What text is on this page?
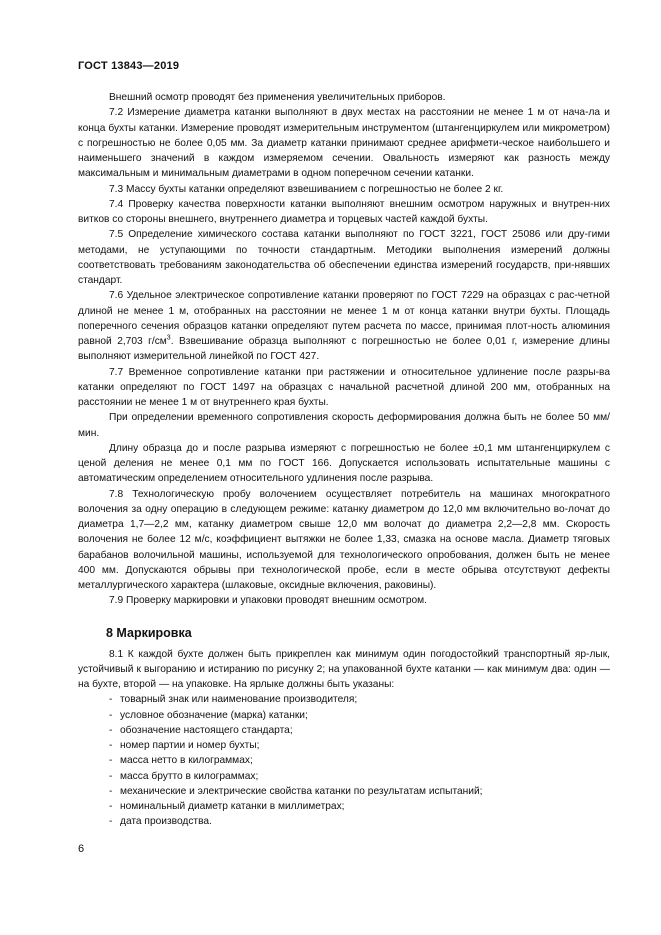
ГОСТ 13843—2019

Внешний осмотр проводят без применения увеличительных приборов.

7.2 Измерение диаметра катанки выполняют в двух местах на расстоянии не менее 1 м от нача-ла и конца бухты катанки. Измерение проводят измерительным инструментом (штангенциркулем или микрометром) с погрешностью не более 0,05 мм. За диаметр катанки принимают среднее арифмети-ческое наибольшего и наименьшего значений в каждом измеряемом сечении. Овальность измеряют как разность между максимальным и минимальным диаметрами в одном поперечном сечении катанки.

7.3 Массу бухты катанки определяют взвешиванием с погрешностью не более 2 кг.

7.4 Проверку качества поверхности катанки выполняют внешним осмотром наружных и внутрен-них витков со стороны внешнего, внутреннего диаметра и торцевых частей каждой бухты.

7.5 Определение химического состава катанки выполняют по ГОСТ 3221, ГОСТ 25086 или дру-гими методами, не уступающими по точности стандартным. Методики выполнения измерений должны соответствовать требованиям законодательства об обеспечении единства измерений государств, при-нявших стандарт.

7.6 Удельное электрическое сопротивление катанки проверяют по ГОСТ 7229 на образцах с рас-четной длиной не менее 1 м, отобранных на расстоянии не менее 1 м от конца катанки внутри бухты. Площадь поперечного сечения образцов катанки определяют путем расчета по массе, принимая плот-ность алюминия равной 2,703 $г/см^3$. Взвешивание образца выполняют с погрешностью не более 0,01 г, измерение длины выполняют измерительной линейкой по ГОСТ 427.

7.7 Временное сопротивление катанки при растяжении и относительное удлинение после разры-ва катанки определяют по ГОСТ 1497 на образцах с начальной расчетной длиной 200 мм, отобранных на расстоянии не менее 1 м от внутреннего края бухты.

При определении временного сопротивления скорость деформирования должна быть не более 50 мм/мин.

Длину образца до и после разрыва измеряют с погрешностью не более ±0,1 мм штангенциркулем с ценой деления не менее 0,1 мм по ГОСТ 166. Допускается использовать испытательные машины с автоматическим определением относительного удлинения после разрыва.

7.8 Технологическую пробу волочением осуществляет потребитель на машинах многократного волочения за одну операцию в следующем режиме: катанку диаметром до 12,0 мм включительно во-лочат до диаметра 1,7—2,2 мм, катанку диаметром свыше 12,0 мм волочат до диаметра 2,2—2,8 мм. Скорость волочения не более 12 м/с, коэффициент вытяжки не более 1,33, смазка на основе масла. Диаметр тяговых барабанов волочильной машины, используемой для технологического опробования, должен быть не менее 400 мм. Допускаются обрывы при технологической пробе, если в месте обрыва отсутствуют дефекты металлургического характера (шлаковые, оксидные включения, раковины).

7.9 Проверку маркировки и упаковки проводят внешним осмотром.

8 Маркировка

8.1 К каждой бухте должен быть прикреплен как минимум один погодостойкий транспортный яр-лык, устойчивый к выгоранию и истиранию по рисунку 2; на упакованной бухте катанки — как минимум два: один — на бухте, второй — на упаковке. На ярлыке должны быть указаны:

- товарный знак или наименование производителя;
- условное обозначение (марка) катанки;
- обозначение настоящего стандарта;
- номер партии и номер бухты;
- масса нетто в килограммах;
- масса брутто в килограммах;
- механические и электрические свойства катанки по результатам испытаний;
- номинальный диаметр катанки в миллиметрах;
- дата производства.
6
